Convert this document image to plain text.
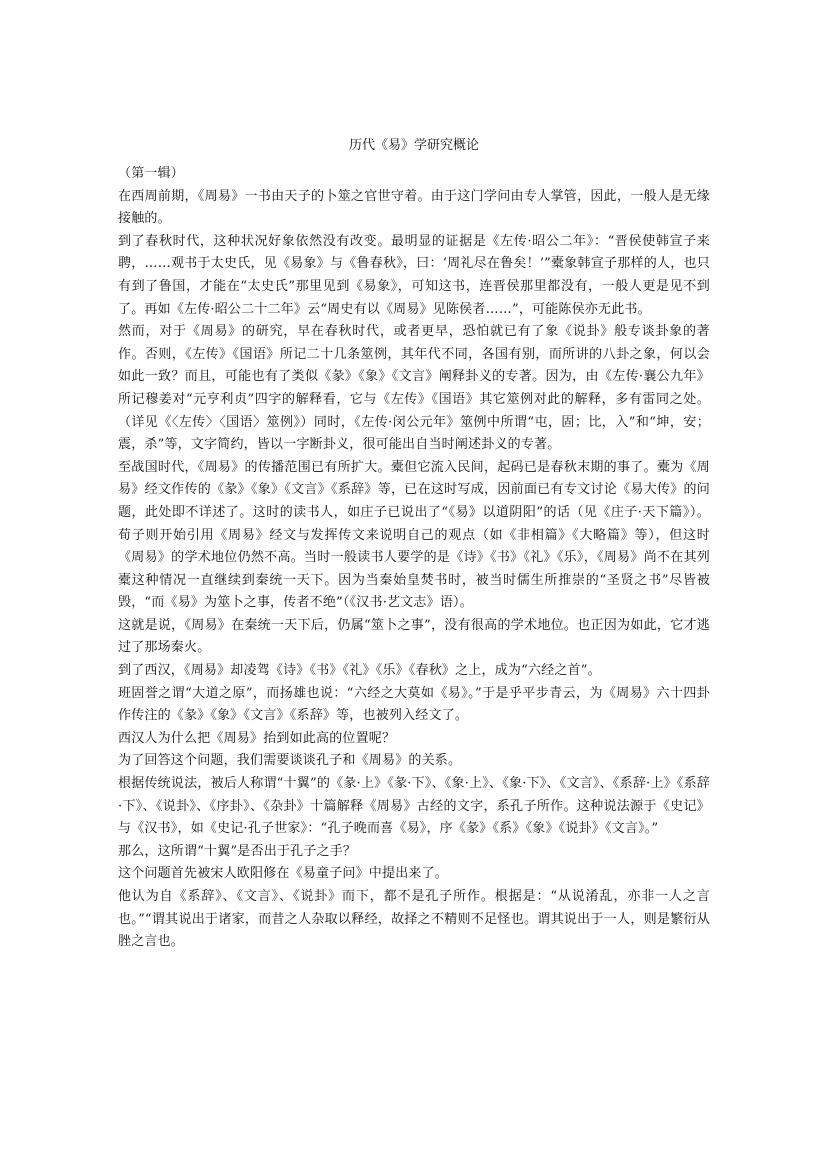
历代《易》学研究概论

（第一辑）

在西周前期，《周易》一书由天子的卜筮之官世守着。由于这门学问由专人掌管，因此，一般人是无缘接触的。

到了春秋时代，这种状况好象依然没有改变。最明显的证据是《左传·昭公二年》：“晋侯使韩宣子来聘，……观书于太史氏，见《易象》与《鲁春秋》，曰：‘周礼尽在鲁矣！’”橐象韩宣子那样的人，也只有到了鲁国，才能在“太史氏”那里见到《易象》，可知这书，连晋侯那里都没有，一般人更是见不到了。再如《左传·昭公二十二年》云“周史有以《周易》见陈侯者……”，可能陈侯亦无此书。

然而，对于《周易》的研究，早在春秋时代，或者更早，恐怕就已有了象《说卦》般专谈卦象的著作。否则，《左传》《国语》所记二十几条筮例，其年代不同，各国有别，而所讲的八卦之象，何以会如此一致？而且，可能也有了类似《彖》《象》《文言》阐释卦义的专著。因为，由《左传·襄公九年》所记穆姜对“元亨利贞”四字的解释看，它与《左传》《国语》其它筮例对此的解释，多有雷同之处。（详见《〈左传〉〈国语〉筮例》）同时，《左传·闵公元年》筮例中所谓“屯，固；比，入”和“坤，安；震，杀”等，文字简约，皆以一字断卦义，很可能出自当时阐述卦义的专著。

至战国时代，《周易》的传播范围已有所扩大。橐但它流入民间，起码已是春秋末期的事了。橐为《周易》经文作传的《彖》《象》《文言》《系辞》等，已在这时写成，因前面已有专文讨论《易大传》的问题，此处即不详述了。这时的读书人，如庄子已说出了“《易》以道阴阳”的话（见《庄子·天下篇》）。荀子则开始引用《周易》经文与发挥传文来说明自己的观点（如《非相篇》《大略篇》等），但这时《周易》的学术地位仍然不高。当时一般读书人要学的是《诗》《书》《礼》《乐》，《周易》尚不在其列橐这种情况一直继续到秦统一天下。因为当秦始皇焚书时，被当时儒生所推崇的“圣贤之书”尽皆被毁，“而《易》为筮卜之事，传者不绝”（《汉书·艺文志》语）。

这就是说，《周易》在秦统一天下后，仍属“筮卜之事”，没有很高的学术地位。也正因为如此，它才逃过了那场秦火。

到了西汉，《周易》却凌驾《诗》《书》《礼》《乐》《春秋》之上，成为“六经之首”。

班固誉之谓“大道之原”，而扬雄也说：“六经之大莫如《易》。”于是乎平步青云，为《周易》六十四卦作传注的《彖》《象》《文言》《系辞》等，也被列入经文了。

西汉人为什么把《周易》抬到如此高的位置呢？

为了回答这个问题，我们需要谈谈孔子和《周易》的关系。

根据传统说法，被后人称谓“十翼”的《彖·上》《彖·下》、《象·上》、《象·下》、《文言》、《系辞·上》《系辞·下》、《说卦》、《序卦》、《杂卦》十篇解释《周易》古经的文字，系孔子所作。这种说法源于《史记》与《汉书》，如《史记·孔子世家》：“孔子晚而喜《易》，序《彖》《系》《象》《说卦》《文言》。”

那么，这所谓“十翼”是否出于孔子之手？

这个问题首先被宋人欧阳修在《易童子问》中提出来了。

他认为自《系辞》、《文言》、《说卦》而下，都不是孔子所作。根据是：“从说淆乱，亦非一人之言也。”“谓其说出于诸家，而昔之人杂取以释经，故择之不精则不足怪也。谓其说出于一人，则是繁衍从脞之言也。
